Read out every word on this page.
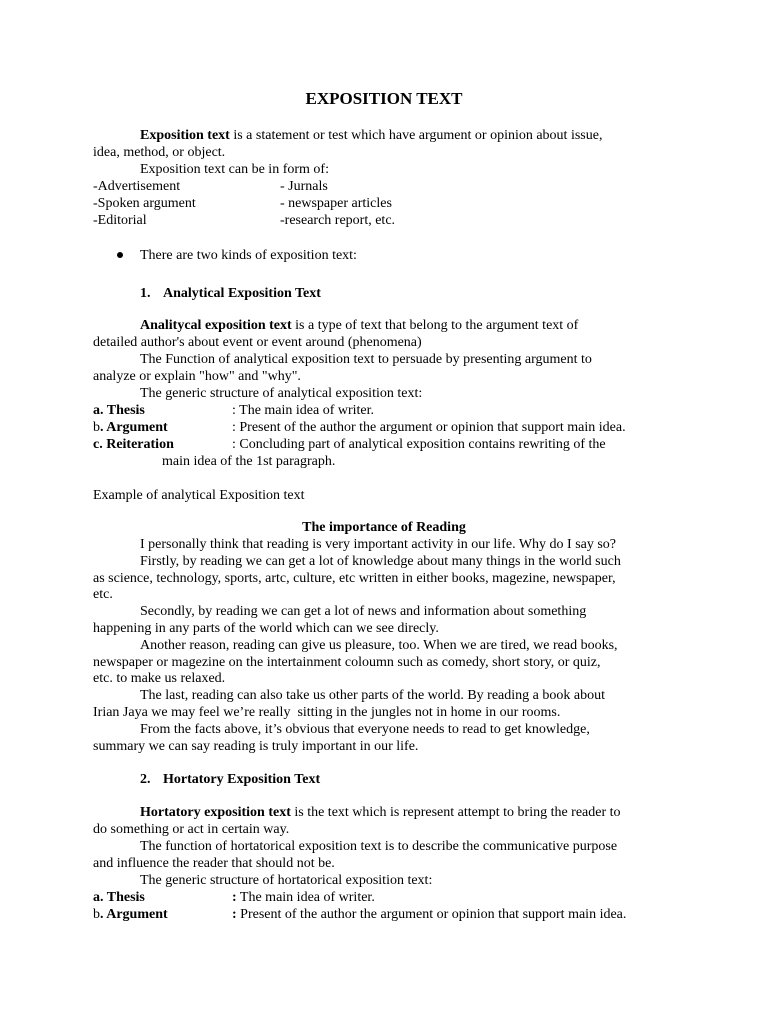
EXPOSITION TEXT
Exposition text is a statement or test which have argument or opinion about issue,
idea, method, or object.
Exposition text can be in form of:
-Advertisement	- Jurnals
-Spoken argument	- newspaper articles
-Editorial	-research report, etc.
There are two kinds of exposition text:
1. Analytical Exposition Text
Analitycal exposition text is a type of text that belong to the argument text of
detailed author's about event or event around (phenomena)
The Function of analytical exposition text to persuade by presenting argument to
analyze or explain "how" and "why".
The generic structure of analytical exposition text:
a. Thesis	: The main idea of writer.
b. Argument	: Present of the author the argument or opinion that support main idea.
c. Reiteration	: Concluding part of analytical exposition contains rewriting of the
main idea of the 1st paragraph.
Example of analytical Exposition text
The importance of Reading
I personally think that reading is very important activity in our life. Why do I say so?
Firstly, by reading we can get a lot of knowledge about many things in the world such
as science, technology, sports, artc, culture, etc written in either books, magezine, newspaper,
etc.
Secondly, by reading we can get a lot of news and information about something
happening in any parts of the world which can we see direcly.
Another reason, reading can give us pleasure, too. When we are tired, we read books,
newspaper or magezine on the intertainment coloumn such as comedy, short story, or quiz,
etc. to make us relaxed.
The last, reading can also take us other parts of the world. By reading a book about
Irian Jaya we may feel we’re really  sitting in the jungles not in home in our rooms.
From the facts above, it’s obvious that everyone needs to read to get knowledge,
summary we can say reading is truly important in our life.
2. Hortatory Exposition Text
Hortatory exposition text is the text which is represent attempt to bring the reader to
do something or act in certain way.
The function of hortatorical exposition text is to describe the communicative purpose
and influence the reader that should not be.
The generic structure of hortatorical exposition text:
a. Thesis	: The main idea of writer.
b. Argument	: Present of the author the argument or opinion that support main idea.
